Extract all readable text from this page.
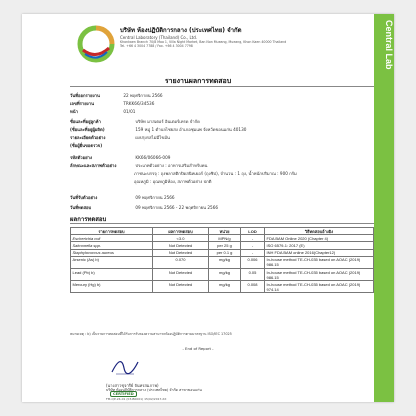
Central Lab
บริษัท ห้องปฏิบัติการกลาง (ประเทศไทย) จำกัด
Central Laboratory (Thailand) Co., Ltd.
Khonkaen Branch 70/8 Moo 1, Villa Night Market, Ban Non Mueang, Mueang, Khon Kaen 40000 Thailand
Tel. +66 4 3004 7788 / Fax. +66 4 3004 7798
รายงานผลการทดสอบ
วันที่ออกรายงาน	22 พฤศจิกายน 2566
เลขที่รายงาน	TRKK66/34536
หน้า	01/01
ชื่อและที่อยู่ลูกค้า	บริษัท มาสเตอร์ อินเตอร์เทรด จำกัด
(ชื่อและที่อยู่ผู้ผลิต)	159 หมู่ 1 ตำบลไชยสง อำเภอชุมแพ จังหวัดขอนแก่น 40130
รายละเอียดตัวอย่าง	ผงปรุงรสไม่มีไขมัน
(ชื่อผู้ยื่นขอตรวจ)
รหัสตัวอย่าง	KK66/06066-009
ลักษณะและสภาพตัวอย่าง	ประเภทตัวอย่าง : อาหารเสริมสำหรับคน
ภาชนะบรรจุ : ถุงพลาสติกปิดสนิทเยอร์ (ถุงซิป), จำนวน : 1 ถุง, น้ำหนักปริมาณ : 900 กรัม
อุณหภูมิ : อุณหภูมิห้อง, สภาพตัวอย่าง ปกติ
วันที่รับตัวอย่าง	09 พฤศจิกายน 2566
วันที่ทดสอบ	09 พฤศจิกายน 2566 - 22 พฤศจิกายน 2566
ผลการทดสอบ
รายการทดสอบ	ผลการทดสอบ	หน่วย	LOD	วิธีทดสอบอ้างอิง
Escherichia coli	<3.0	MPN/g	-	FDA BAM Online 2020 (Chapter 4)
Salmonella spp.	Not Detected	per 25 g	-	ISO 6579-1: 2017 (E)
Staphylococcus aureus	Not Detected	per 0.1 g	-	INH FDA BAM online 2016(Chapter12)
Arsenic (As) b)	0.070	mg/kg	0.006	In-house method TE-CH-035 based on AOAC (2019) 986.15
Lead (Pb) b)	Not Detected	mg/kg	0.05	In-house method TE-CH-035 based on AOAC (2019) 986.15
Mercury (Hg) b)	Not Detected	mg/kg	0.008	In-house method TE-CH-035 based on AOAC (2019) 974.14
หมายเหตุ : b) เป็นรายการทดสอบที่ได้รับการรับรองความสามารถห้องปฏิบัติการตามมาตรฐาน ISO/IEC 17025
- End of Report -
(นางสาวชุจารีย์ จันทรสมภาพ)
บริษัท ห้องปฏิบัติการกลาง (ประเทศไทย) จำกัด สาขาขอนแก่น
CERTIFIED
FM-QP-24-01 (03-B0001) 15/02/2017-XX
